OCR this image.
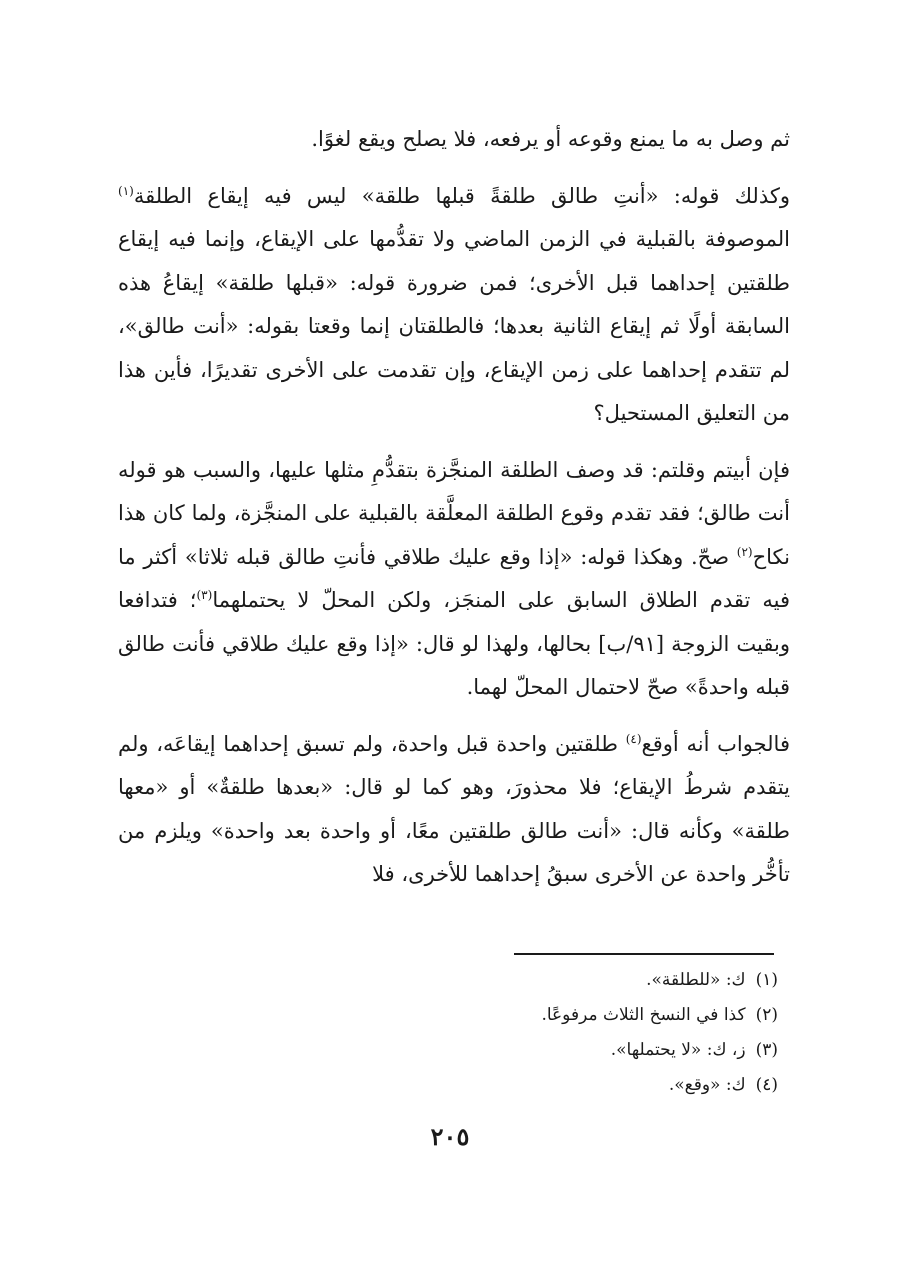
ثم وصل به ما يمنع وقوعه أو يرفعه، فلا يصلح ويقع لغوًا.

وكذلك قوله: «أنتِ طالق طلقةً قبلها طلقة» ليس فيه إيقاع الطلقة$^{(١)}$ الموصوفة بالقبلية في الزمن الماضي ولا تقدُّمها على الإيقاع، وإنما فيه إيقاع طلقتين إحداهما قبل الأخرى؛ فمن ضرورة قوله: «قبلها طلقة» إيقاعُ هذه السابقة أولًا ثم إيقاع الثانية بعدها؛ فالطلقتان إنما وقعتا بقوله: «أنت طالق»، لم تتقدم إحداهما على زمن الإيقاع، وإن تقدمت على الأخرى تقديرًا، فأين هذا من التعليق المستحيل؟

فإن أبيتم وقلتم: قد وصف الطلقة المنجَّزة بتقدُّمِ مثلها عليها، والسبب هو قوله أنت طالق؛ فقد تقدم وقوع الطلقة المعلَّقة بالقبلية على المنجَّزة، ولما كان هذا نكاح$^{(٢)}$ صحّ. وهكذا قوله: «إذا وقع عليك طلاقي فأنتِ طالق قبله ثلاثا» أكثر ما فيه تقدم الطلاق السابق على المنجَز، ولكن المحلّ لا يحتملهما$^{(٣)}$؛ فتدافعا وبقيت الزوجة [٩١/ب] بحالها، ولهذا لو قال: «إذا وقع عليك طلاقي فأنت طالق قبله واحدةً» صحّ لاحتمال المحلّ لهما.

فالجواب أنه أوقع$^{(٤)}$ طلقتين واحدة قبل واحدة، ولم تسبق إحداهما إيقاعَه، ولم يتقدم شرطُ الإيقاع؛ فلا محذورَ، وهو كما لو قال: «بعدها طلقةٌ» أو «معها طلقة» وكأنه قال: «أنت طالق طلقتين معًا، أو واحدة بعد واحدة» ويلزم من تأخُّر واحدة عن الأخرى سبقُ إحداهما للأخرى، فلا

(١)ك: «للطلقة».

(٢)كذا في النسخ الثلاث مرفوعًا.

(٣)ز، ك: «لا يحتملها».

(٤)ك: «وقع».

٢٠٥
